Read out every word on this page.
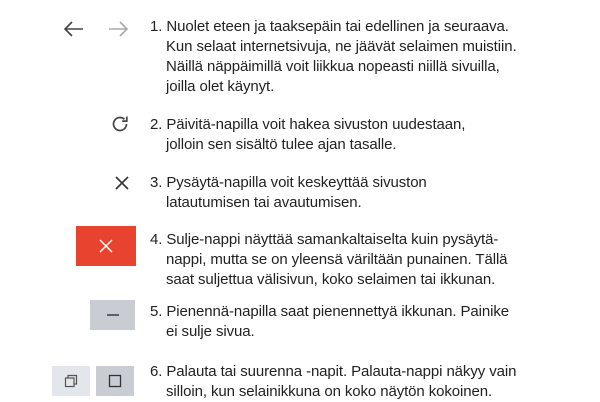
1. Nuolet eteen ja taaksepäin tai edellinen ja seuraava.

Kun selaat internetsivuja, ne jäävät selaimen muistiin.

Näillä näppäimillä voit liikkua nopeasti niillä sivuilla,

joilla olet käynyt.

2. Päivitä-napilla voit hakea sivuston uudestaan,

jolloin sen sisältö tulee ajan tasalle.

3. Pysäytä-napilla voit keskeyttää sivuston

latautumisen tai avautumisen.

4. Sulje-nappi näyttää samankaltaiselta kuin pysäytä-

nappi, mutta se on yleensä väriltään punainen. Tällä

saat suljettua välisivun, koko selaimen tai ikkunan.

5. Pienennä-napilla saat pienennettyä ikkunan. Painike

ei sulje sivua.

6. Palauta tai suurenna -napit. Palauta-nappi näkyy vain

silloin, kun selainikkuna on koko näytön kokoinen.
